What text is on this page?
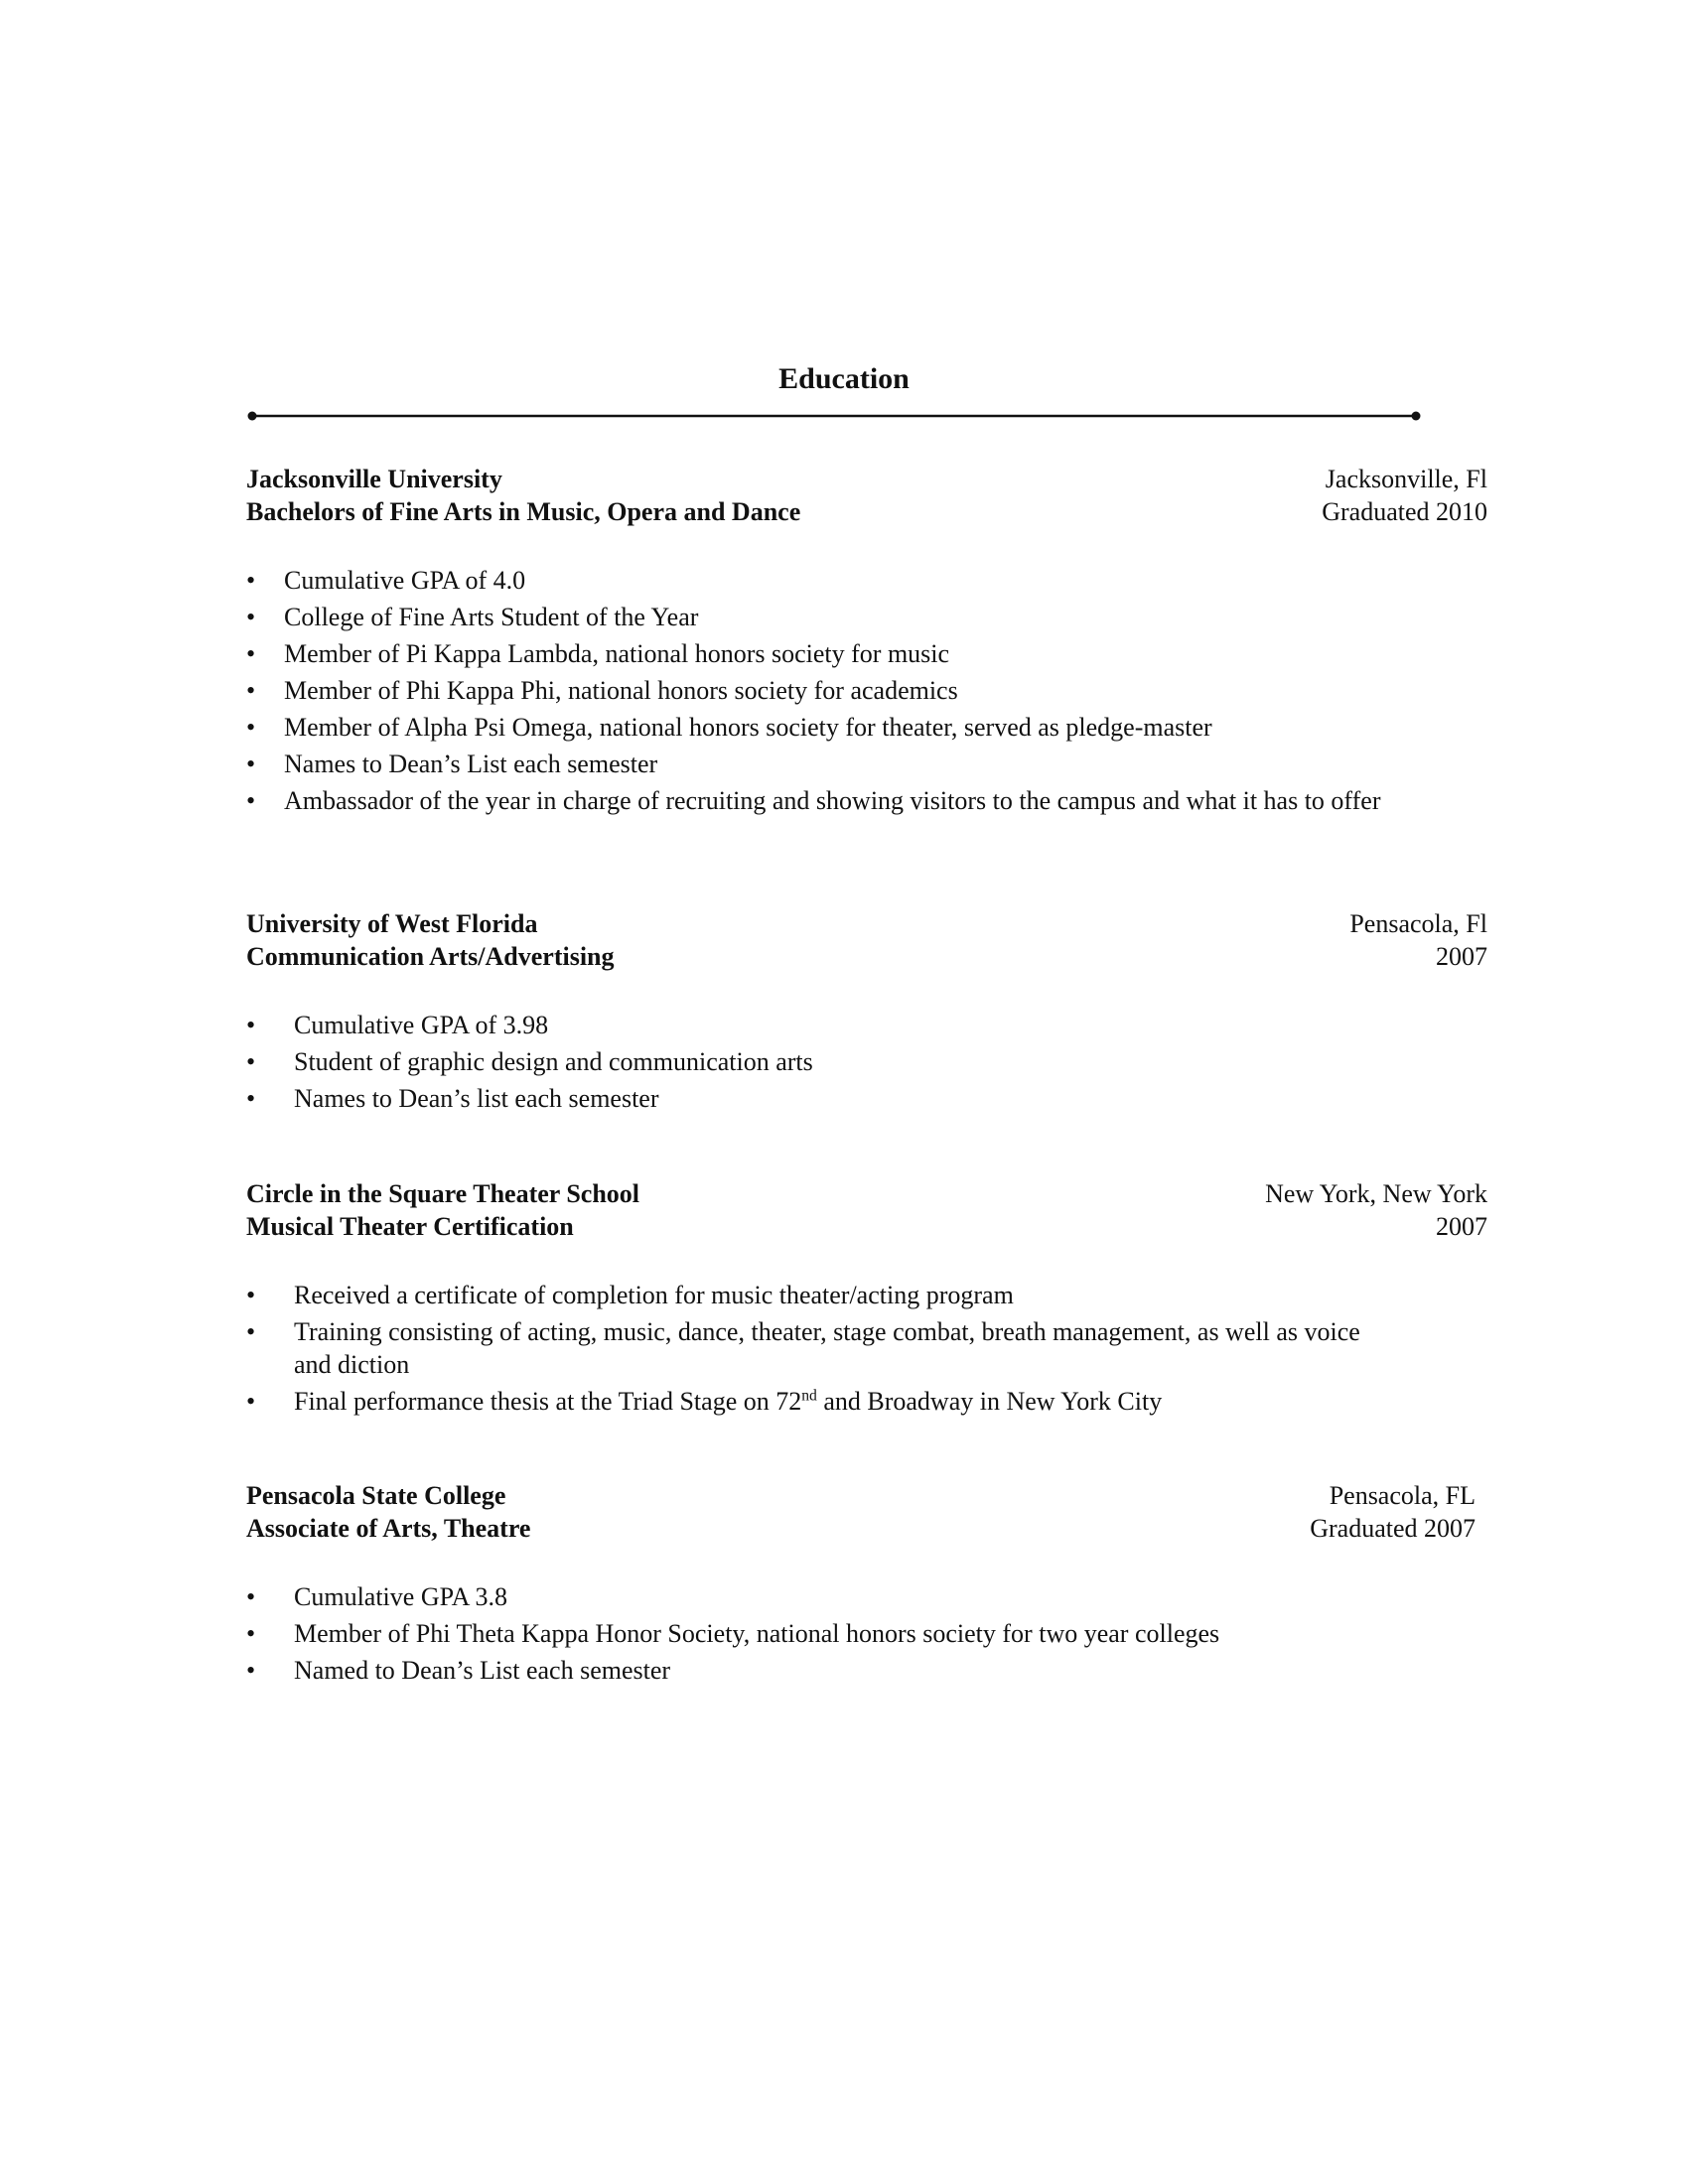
Education
Jacksonville University	Jacksonville, Fl
Bachelors of Fine Arts in Music, Opera and Dance	Graduated 2010
•	Cumulative GPA of 4.0
•	College of Fine Arts Student of the Year
•	Member of Pi Kappa Lambda, national honors society for music
•	Member of Phi Kappa Phi, national honors society for academics
•	Member of Alpha Psi Omega, national honors society for theater, served as pledge-master
•	Names to Dean’s List each semester
•	Ambassador of the year in charge of recruiting and showing visitors to the campus and what it has to offer
University of West Florida	Pensacola, Fl
Communication Arts/Advertising	2007
•	Cumulative GPA of 3.98
•	Student of graphic design and communication arts
•	Names to Dean’s list each semester
Circle in the Square Theater School	New York, New York
Musical Theater Certification	2007
•	Received a certificate of completion for music theater/acting program
•	Training consisting of acting, music, dance, theater, stage combat, breath management, as well as voice and diction
•	Final performance thesis at the Triad Stage on 72nd and Broadway in New York City
Pensacola State College	Pensacola, FL
Associate of Arts, Theatre	Graduated 2007
•	Cumulative GPA 3.8
•	Member of Phi Theta Kappa Honor Society, national honors society for two year colleges
•	Named to Dean’s List each semester
